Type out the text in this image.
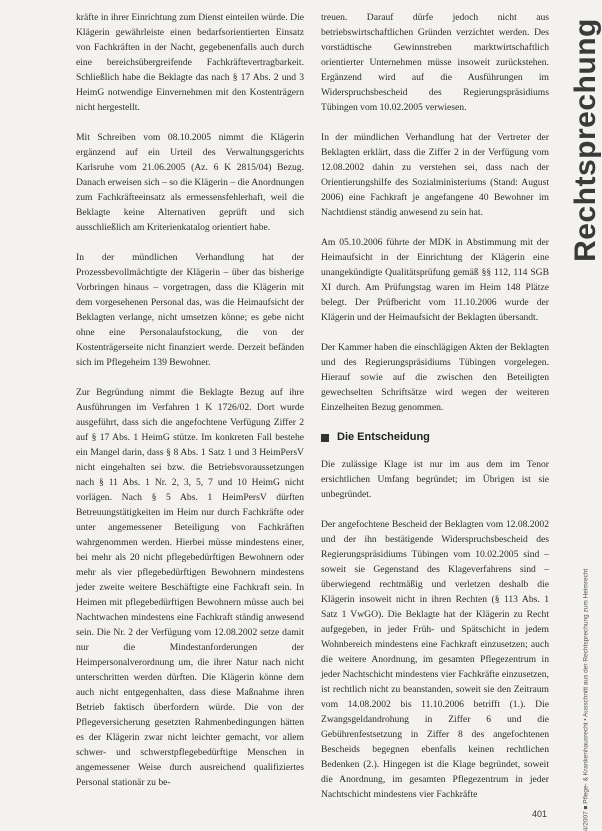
kräfte in ihrer Einrichtung zum Dienst einteilen würde. Die Klägerin gewährleiste einen bedarfsorientierten Einsatz von Fachkräften in der Nacht, gegebenenfalls auch durch eine bereichsübergreifende Fachkräftevertragbarkeit. Schließlich habe die Beklagte das nach § 17 Abs. 2 und 3 HeimG notwendige Einvernehmen mit den Kostenträgern nicht hergestellt.

Mit Schreiben vom 08.10.2005 nimmt die Klägerin ergänzend auf ein Urteil des Verwaltungsgerichts Karlsruhe vom 21.06.2005 (Az. 6 K 2815/04) Bezug. Danach erweisen sich – so die Klägerin – die Anordnungen zum Fachkräfteeinsatz als ermessensfehlerhaft, weil die Beklagte keine Alternativen geprüft und sich ausschließlich am Kriterienkatalog orientiert habe.

In der mündlichen Verhandlung hat der Prozessbevollmächtigte der Klägerin – über das bisherige Vorbringen hinaus – vorgetragen, dass die Klägerin mit dem vorgesehenen Personal das, was die Heimaufsicht der Beklagten verlange, nicht umsetzen könne; es gebe nicht ohne eine Personalaufstockung, die von der Kostenträgerseite nicht finanziert werde. Derzeit befänden sich im Pflegeheim 139 Bewohner.

Zur Begründung nimmt die Beklagte Bezug auf ihre Ausführungen im Verfahren 1 K 1726/02. Dort wurde ausgeführt, dass sich die angefochtene Verfügung Ziffer 2 auf § 17 Abs. 1 HeimG stütze. Im konkreten Fall bestehe ein Mangel darin, dass § 8 Abs. 1 Satz 1 und 3 HeimPersV nicht eingehalten sei bzw. die Betriebsvoraussetzungen nach § 11 Abs. 1 Nr. 2, 3, 5, 7 und 10 HeimG nicht vorlägen. Nach § 5 Abs. 1 HeimPersV dürften Betreuungstätigkeiten im Heim nur durch Fachkräfte oder unter angemessener Beteiligung von Fachkräften wahrgenommen werden. Hierbei müsse mindestens einer, bei mehr als 20 nicht pflegebedürftigen Bewohnern oder mehr als vier pflegebedürftigen Bewohnern mindestens jeder zweite weitere Beschäftigte eine Fachkraft sein. In Heimen mit pflegebedürftigen Bewohnern müsse auch bei Nachtwachen mindestens eine Fachkraft ständig anwesend sein. Die Nr. 2 der Verfügung vom 12.08.2002 setze damit nur die Mindestanforderungen der Heimpersonalverordnung um, die ihrer Natur nach nicht unterschritten werden dürften. Die Klägerin könne dem auch nicht entgegenhalten, dass diese Maßnahme ihren Betrieb faktisch überfordern würde. Die von der Pflegeversicherung gesetzten Rahmenbedingungen hätten es der Klägerin zwar nicht leichter gemacht, vor allem schwer- und schwerstpflegebedürftige Menschen in angemessener Weise durch ausreichend qualifiziertes Personal stationär zu be-

treuen. Darauf dürfe jedoch nicht aus betriebswirtschaftlichen Gründen verzichtet werden. Des vorstädtische Gewinnstreben marktwirtschaftlich orientierter Unternehmen müsse insoweit zurückstehen. Ergänzend wird auf die Ausführungen im Widerspruchsbescheid des Regierungspräsidiums Tübingen vom 10.02.2005 verwiesen.

In der mündlichen Verhandlung hat der Vertreter der Beklagten erklärt, dass die Ziffer 2 in der Verfügung vom 12.08.2002 dahin zu verstehen sei, dass nach der Orientierungshilfe des Sozialministeriums (Stand: August 2006) eine Fachkraft je angefangene 40 Bewohner im Nachtdienst ständig anwesend zu sein hat.

Am 05.10.2006 führte der MDK in Abstimmung mit der Heimaufsicht in der Einrichtung der Klägerin eine unangekündigte Qualitätsprüfung gemäß §§ 112, 114 SGB XI durch. Am Prüfungstag waren im Heim 148 Plätze belegt. Der Prüfbericht vom 11.10.2006 wurde der Klägerin und der Heimaufsicht der Beklagten übersandt.

Der Kammer haben die einschlägigen Akten der Beklagten und des Regierungspräsidiums Tübingen vorgelegen. Hierauf sowie auf die zwischen den Beteiligten gewechselten Schriftsätze wird wegen der weiteren Einzelheiten Bezug genommen.

Die Entscheidung

Die zulässige Klage ist nur im aus dem im Tenor ersichtlichen Umfang begründet; im Übrigen ist sie unbegründet.

Der angefochtene Bescheid der Beklagten vom 12.08.2002 und der ihn bestätigende Widerspruchsbescheid des Regierungspräsidiums Tübingen vom 10.02.2005 sind – soweit sie Gegenstand des Klageverfahrens sind – überwiegend rechtmäßig und verletzen deshalb die Klägerin insoweit nicht in ihren Rechten (§ 113 Abs. 1 Satz 1 VwGO). Die Beklagte hat der Klägerin zu Recht aufgegeben, in jeder Früh- und Spätschicht in jedem Wohnbereich mindestens eine Fachkraft einzusetzen; auch die weitere Anordnung, im gesamten Pflegezentrum in jeder Nachtschicht mindestens vier Fachkräfte einzusetzen, ist rechtlich nicht zu beanstanden, soweit sie den Zeitraum vom 14.08.2002 bis 11.10.2006 betrifft (1.). Die Zwangsgeldandrohung in Ziffer 6 und die Gebührenfestsetzung in Ziffer 8 des angefochtenen Bescheids begegnen ebenfalls keinen rechtlichen Bedenken (2.). Hingegen ist die Klage begründet, soweit die Anordnung, im gesamten Pflegezentrum in jeder Nachtschicht mindestens vier Fachkräfte

Rechtsprechung
4/2007 ■ Pflege- & Krankenhausrecht • Ausschnitt aus der Rechtsprechung zum Heimrecht
401
